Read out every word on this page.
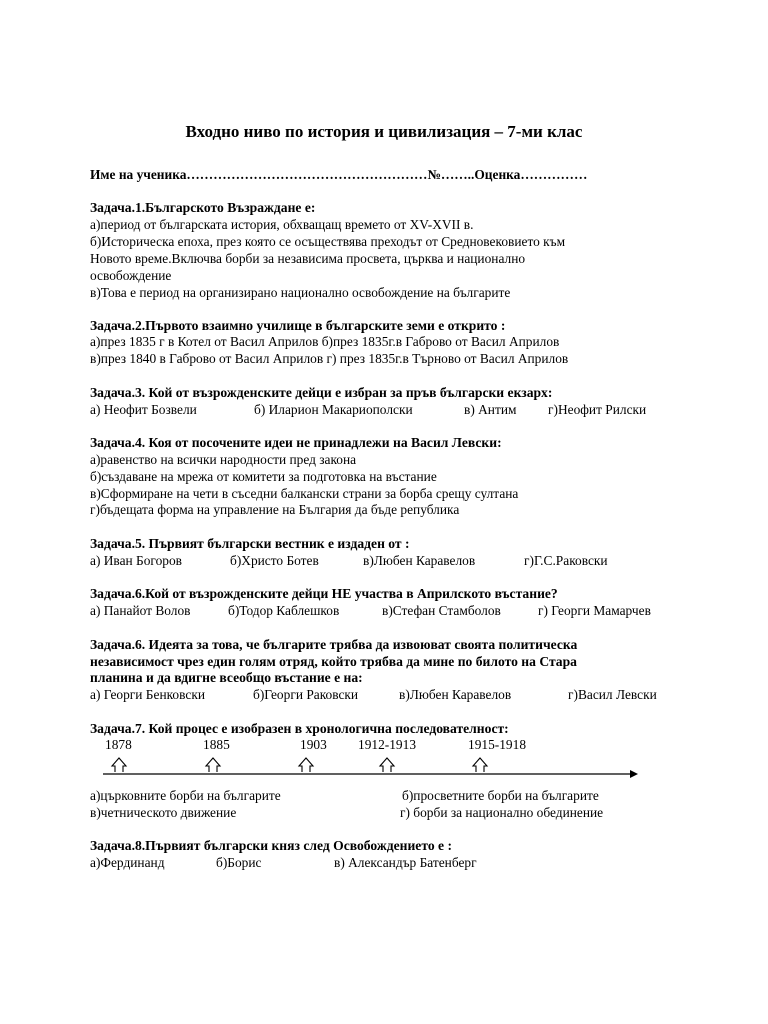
Входно ниво по история и цивилизация – 7-ми клас
Име на ученика………………………………………………№……..Оценка……………
Задача.1.Българското Възраждане е:
а)период от българската история, обхващащ времето от XV-XVII в.
б)Историческа епоха, през която се осъществява преходът от Средновековието към
Новото време.Включва борби за независима просвета, църква и национално
освобождение
в)Това е период на организирано национално освобождение на българите
Задача.2.Първото взаимно училище в българските земи е открито :
а)през 1835 г в Котел от Васил Априлов б)през 1835г.в Габрово от Васил Априлов
в)през 1840 в Габрово от Васил Априлов г) през 1835г.в Търново от Васил Априлов
Задача.3. Кой от възрожденските дейци е избран за пръв български екзарх:
а) Неофит Бозвели	б) Иларион Макариополски	в) Антим г)Неофит Рилски
Задача.4. Коя от посочените идеи не принадлежи на Васил Левски:
а)равенство на всички народности пред закона
б)създаване на мрежа от комитети за подготовка на въстание
в)Сформиране на чети в съседни балкански страни за борба срещу султана
г)бъдещата форма на управление на България да бъде република
Задача.5. Първият български вестник е издаден от :
а) Иван Богоров	б)Христо Ботев	в)Любен Каравелов	г)Г.С.Раковски
Задача.6.Кой от възрожденските дейци НЕ участва в Априлското въстание?
а) Панайот Волов	б)Тодор Каблешков	в)Стефан Стамболов	г) Георги Мамарчев
Задача.6. Идеята за това, че българите трябва да извоюват своята политическа
независимост чрез един голям отряд, който трябва да мине по билото на Стара
планина и да вдигне всеобщо въстание е на:
а) Георги Бенковски	б)Георги Раковски	в)Любен Каравелов	г)Васил Левски
Задача.7. Кой процес е изобразен в хронологична последователност:
1878	1885	1903 1912-1913	1915-1918
а)църковните борби на българите	б)просветните борби на българите
в)четническото движение	г) борби за национално обединение
Задача.8.Първият български княз след Освобождението е :
а)Фердинанд	б)Борис	в) Александър Батенберг
